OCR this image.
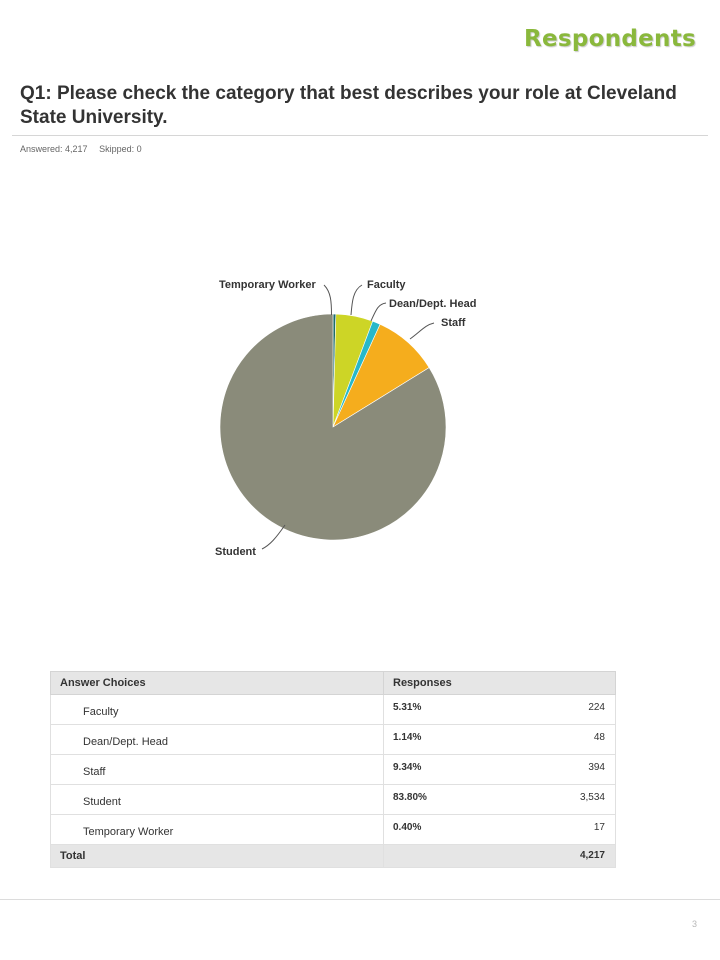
Respondents
Q1: Please check the category that best describes your role at Cleveland State University.
Answered: 4,217 Skipped: 0
Temporary Worker	Faculty
Dean/Dept. Head
Staff
Student
Answer Choices	Responses
Faculty	5.31% 224

Dean/Dept. Head	1.14% 48

Staff	9.34% 394

Student	83.80% 3,534

Temporary Worker	0.40% 17

Total	4,217
3
